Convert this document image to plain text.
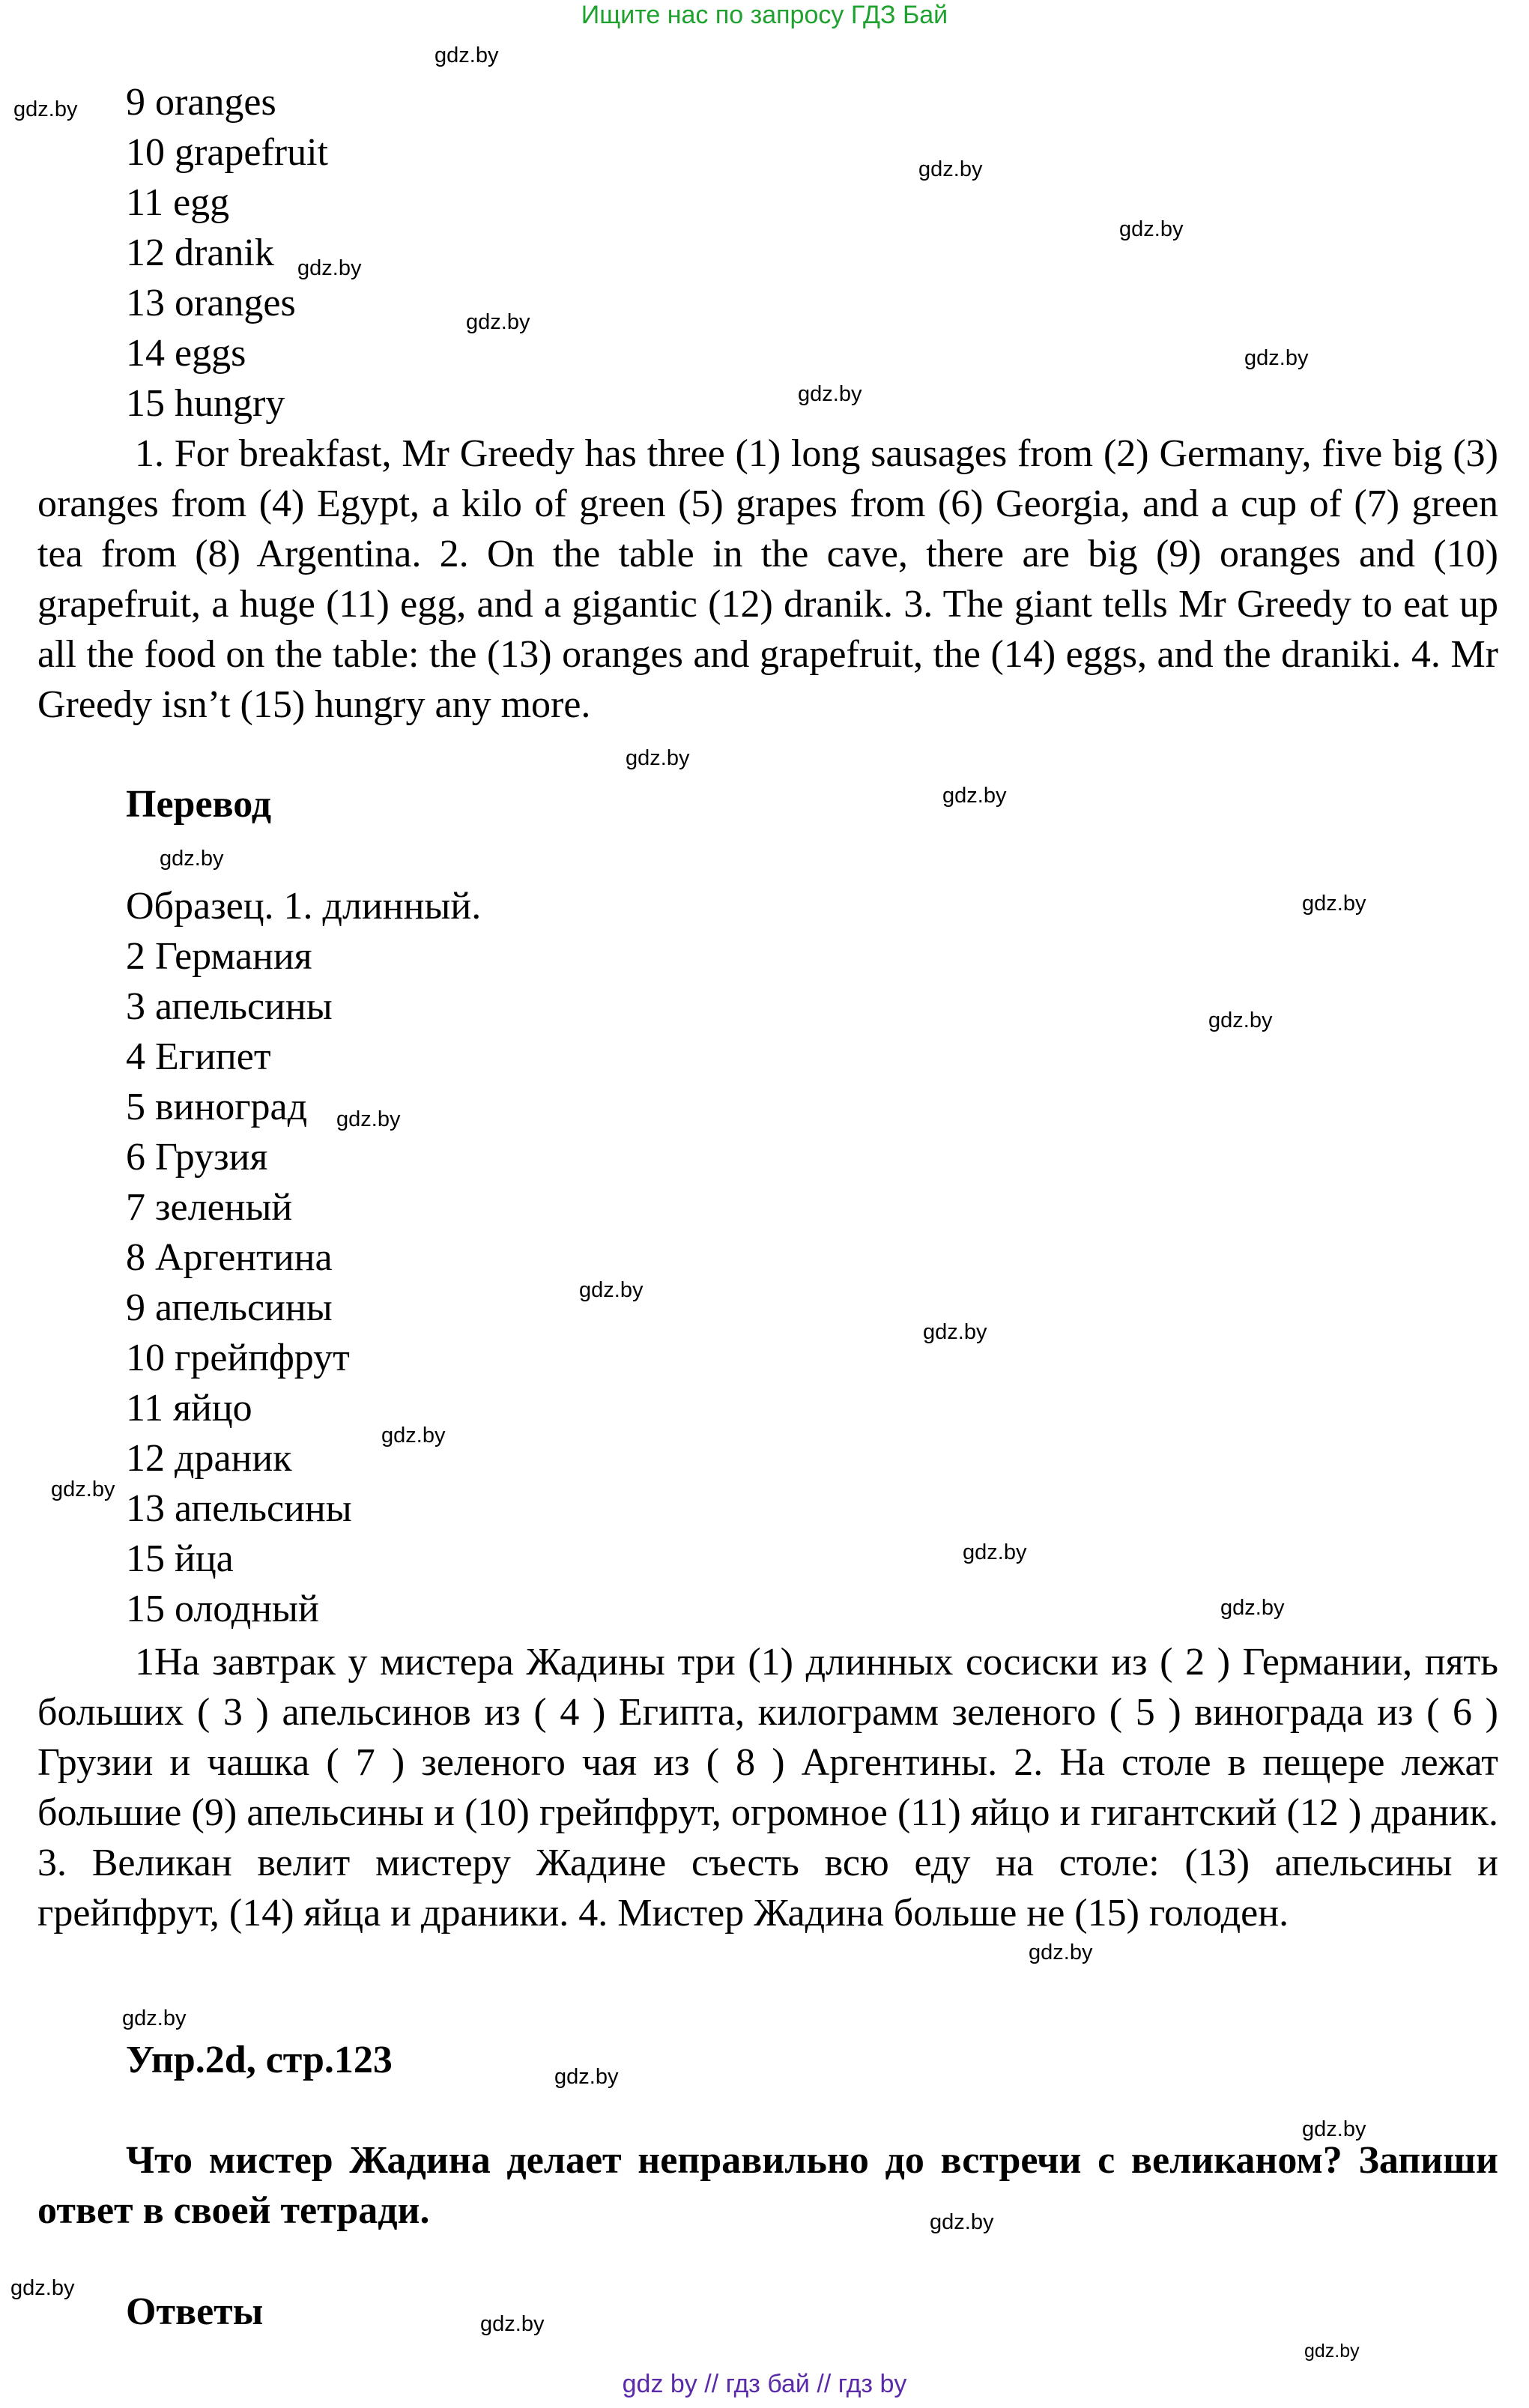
Ищите нас по запросу ГДЗ Бай
9 oranges
10 grapefruit
11 egg
12 dranik
13 oranges
14 eggs
15 hungry

1. For breakfast, Mr Greedy has three (1) long sausages from (2) Germany, five big (3) oranges from (4) Egypt, a kilo of green (5) grapes from (6) Georgia, and a cup of (7) green tea from (8) Argentina. 2. On the table in the cave, there are big (9) oranges and (10) grapefruit, a huge (11) egg, and a gigantic (12) dranik. 3. The giant tells Mr Greedy to eat up all the food on the table: the (13) oranges and grapefruit, the (14) eggs, and the draniki. 4. Mr Greedy isn’t (15) hungry any more.

Перевод
Образец. 1. длинный.
2 Германия
3 апельсины
4 Египет
5 виноград
6 Грузия
7 зеленый
8 Аргентина
9 апельсины
10 грейпфрут
11 яйцо
12 драник
13 апельсины
15 йца
15 олодный

1На завтрак у мистера Жадины три (1) длинных сосиски из ( 2 ) Германии, пять больших ( 3 ) апельсинов из ( 4 ) Египта, килограмм зеленого ( 5 ) винограда из ( 6 ) Грузии и чашка ( 7 ) зеленого чая из ( 8 ) Аргентины. 2. На столе в пещере лежат большие (9) апельсины и (10) грейпфрут, огромное (11) яйцо и гигантский (12 ) драник. 3. Великан велит мистеру Жадине съесть всю еду на столе: (13) апельсины и грейпфрут, (14) яйца и драники. 4. Мистер Жадина больше не (15) голоден.

Упр.2d, стр.123

Что мистер Жадина делает неправильно до встречи с великаном? Запиши ответ в своей тетради.

Ответы
gdz.by
gdz.by
gdz.by
gdz.by
gdz.by
gdz.by
gdz.by
gdz.by
gdz.by
gdz.by
gdz.by
gdz.by
gdz.by
gdz.by
gdz.by
gdz.by
gdz.by
gdz.by
gdz.by
gdz.by
gdz.by
gdz.by
gdz.by
gdz.by
gdz.by
gdz.by
gdz.by
gdz.by
gdz by // гдз бай // гдз by
